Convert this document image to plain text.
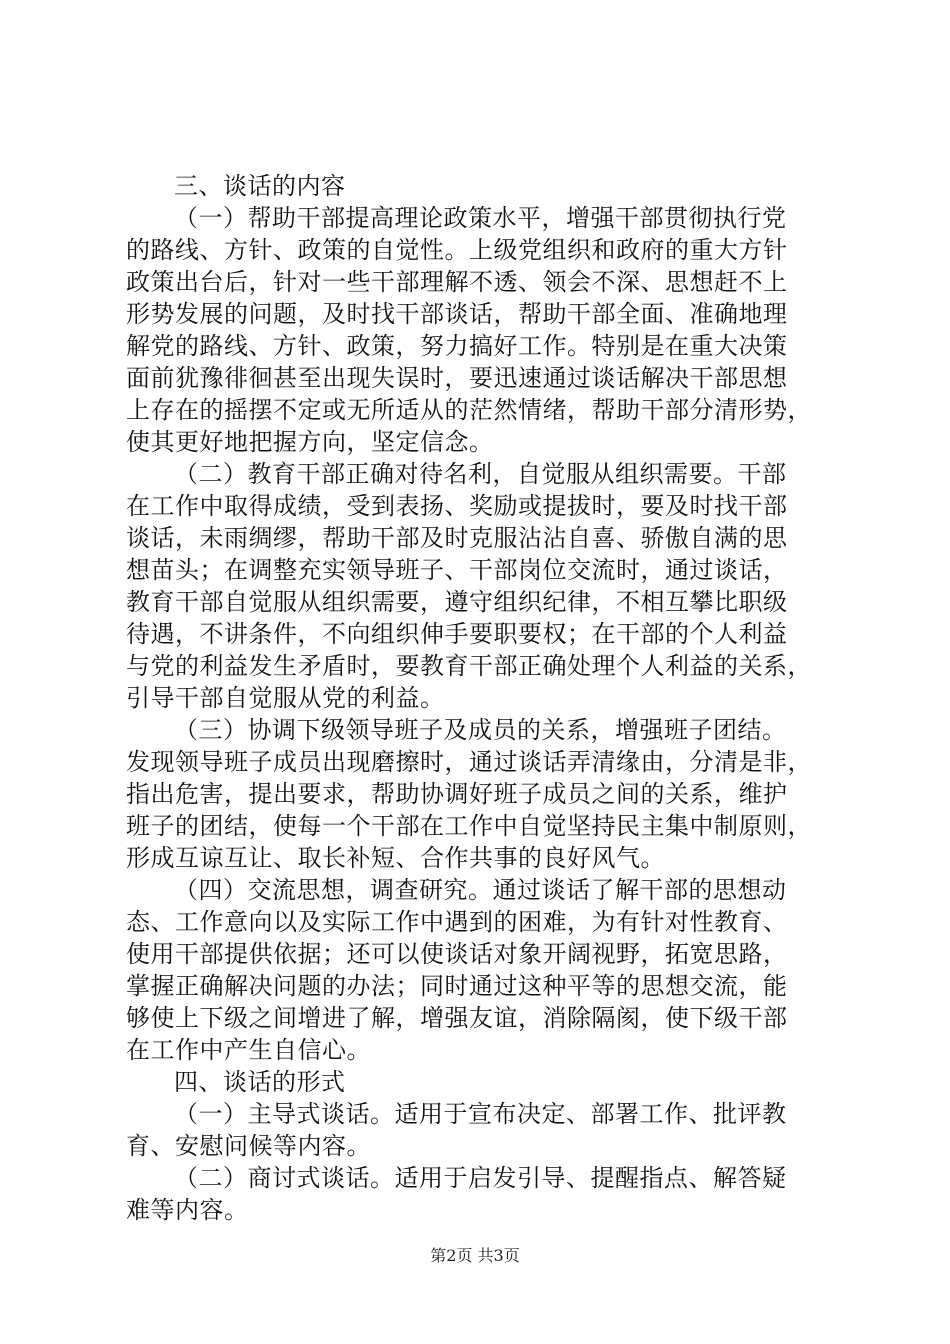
三、谈话的内容
（一）帮助干部提高理论政策水平，增强干部贯彻执行党
的路线、方针、政策的自觉性。上级党组织和政府的重大方针
政策出台后，针对一些干部理解不透、领会不深、思想赶不上
形势发展的问题，及时找干部谈话，帮助干部全面、准确地理
解党的路线、方针、政策，努力搞好工作。特别是在重大决策
面前犹豫徘徊甚至出现失误时，要迅速通过谈话解决干部思想
上存在的摇摆不定或无所适从的茫然情绪，帮助干部分清形势，
使其更好地把握方向，坚定信念。
（二）教育干部正确对待名利，自觉服从组织需要。干部
在工作中取得成绩，受到表扬、奖励或提拔时，要及时找干部
谈话，未雨绸缪，帮助干部及时克服沾沾自喜、骄傲自满的思
想苗头；在调整充实领导班子、干部岗位交流时，通过谈话，
教育干部自觉服从组织需要，遵守组织纪律，不相互攀比职级
待遇，不讲条件，不向组织伸手要职要权；在干部的个人利益
与党的利益发生矛盾时，要教育干部正确处理个人利益的关系，
引导干部自觉服从党的利益。
（三）协调下级领导班子及成员的关系，增强班子团结。
发现领导班子成员出现磨擦时，通过谈话弄清缘由，分清是非，
指出危害，提出要求，帮助协调好班子成员之间的关系，维护
班子的团结，使每一个干部在工作中自觉坚持民主集中制原则，
形成互谅互让、取长补短、合作共事的良好风气。
（四）交流思想，调查研究。通过谈话了解干部的思想动
态、工作意向以及实际工作中遇到的困难，为有针对性教育、
使用干部提供依据；还可以使谈话对象开阔视野，拓宽思路，
掌握正确解决问题的办法；同时通过这种平等的思想交流，能
够使上下级之间增进了解，增强友谊，消除隔阂，使下级干部
在工作中产生自信心。
四、谈话的形式
（一）主导式谈话。适用于宣布决定、部署工作、批评教
育、安慰问候等内容。
（二）商讨式谈话。适用于启发引导、提醒指点、解答疑
难等内容。
第2页 共3页
